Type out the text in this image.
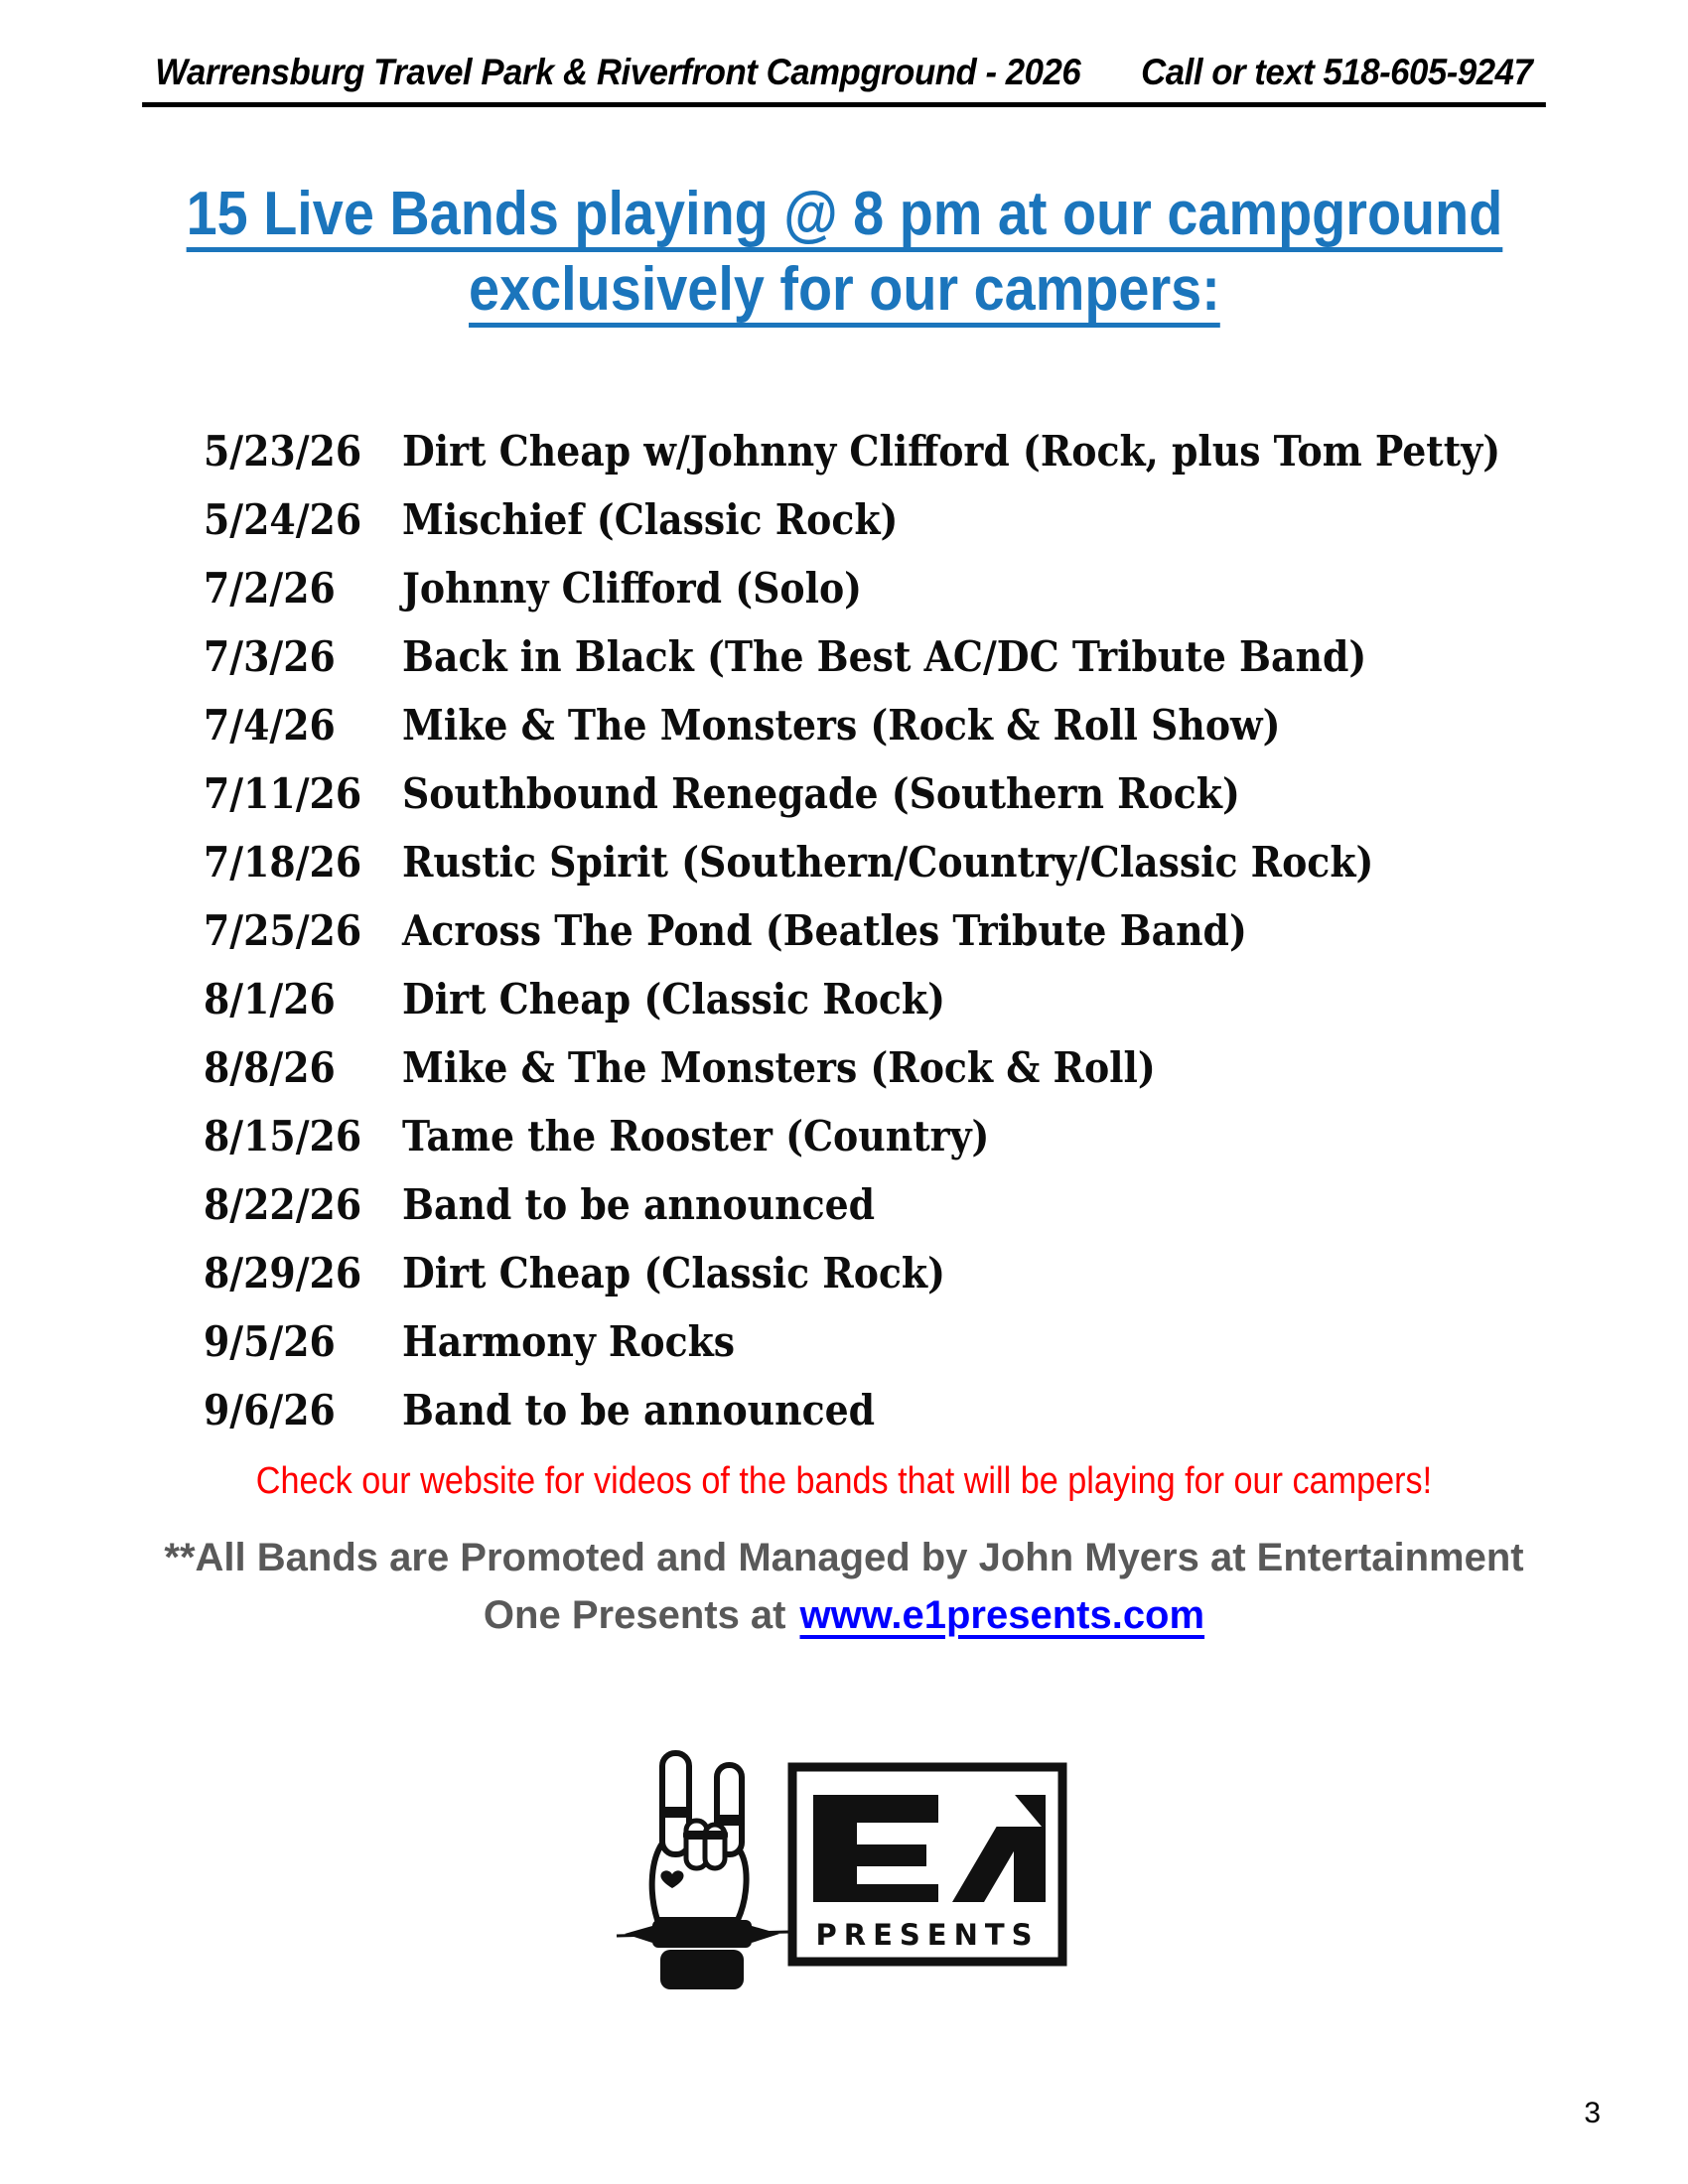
Warrensburg Travel Park & Riverfront Campground - 2026 Call or text 518-605-9247
15 Live Bands playing @ 8 pm at our campground
exclusively for our campers:
5/23/26 Dirt Cheap w/Johnny Clifford (Rock, plus Tom Petty)
5/24/26 Mischief (Classic Rock)
7/2/26	Johnny Clifford (Solo)
7/3/26	Back in Black (The Best AC/DC Tribute Band)
7/4/26	Mike & The Monsters (Rock & Roll Show)
7/11/26 Southbound Renegade (Southern Rock)
7/18/26 Rustic Spirit (Southern/Country/Classic Rock)
7/25/26 Across The Pond (Beatles Tribute Band)
8/1/26	Dirt Cheap (Classic Rock)
8/8/26	Mike & The Monsters (Rock & Roll)
8/15/26 Tame the Rooster (Country)
8/22/26 Band to be announced
8/29/26 Dirt Cheap (Classic Rock)
9/5/26	Harmony Rocks
9/6/26	Band to be announced
Check our website for videos of the bands that will be playing for our campers!
**All Bands are Promoted and Managed by John Myers at Entertainment
One Presents at www.e1presents.com
PRESENTS
3
